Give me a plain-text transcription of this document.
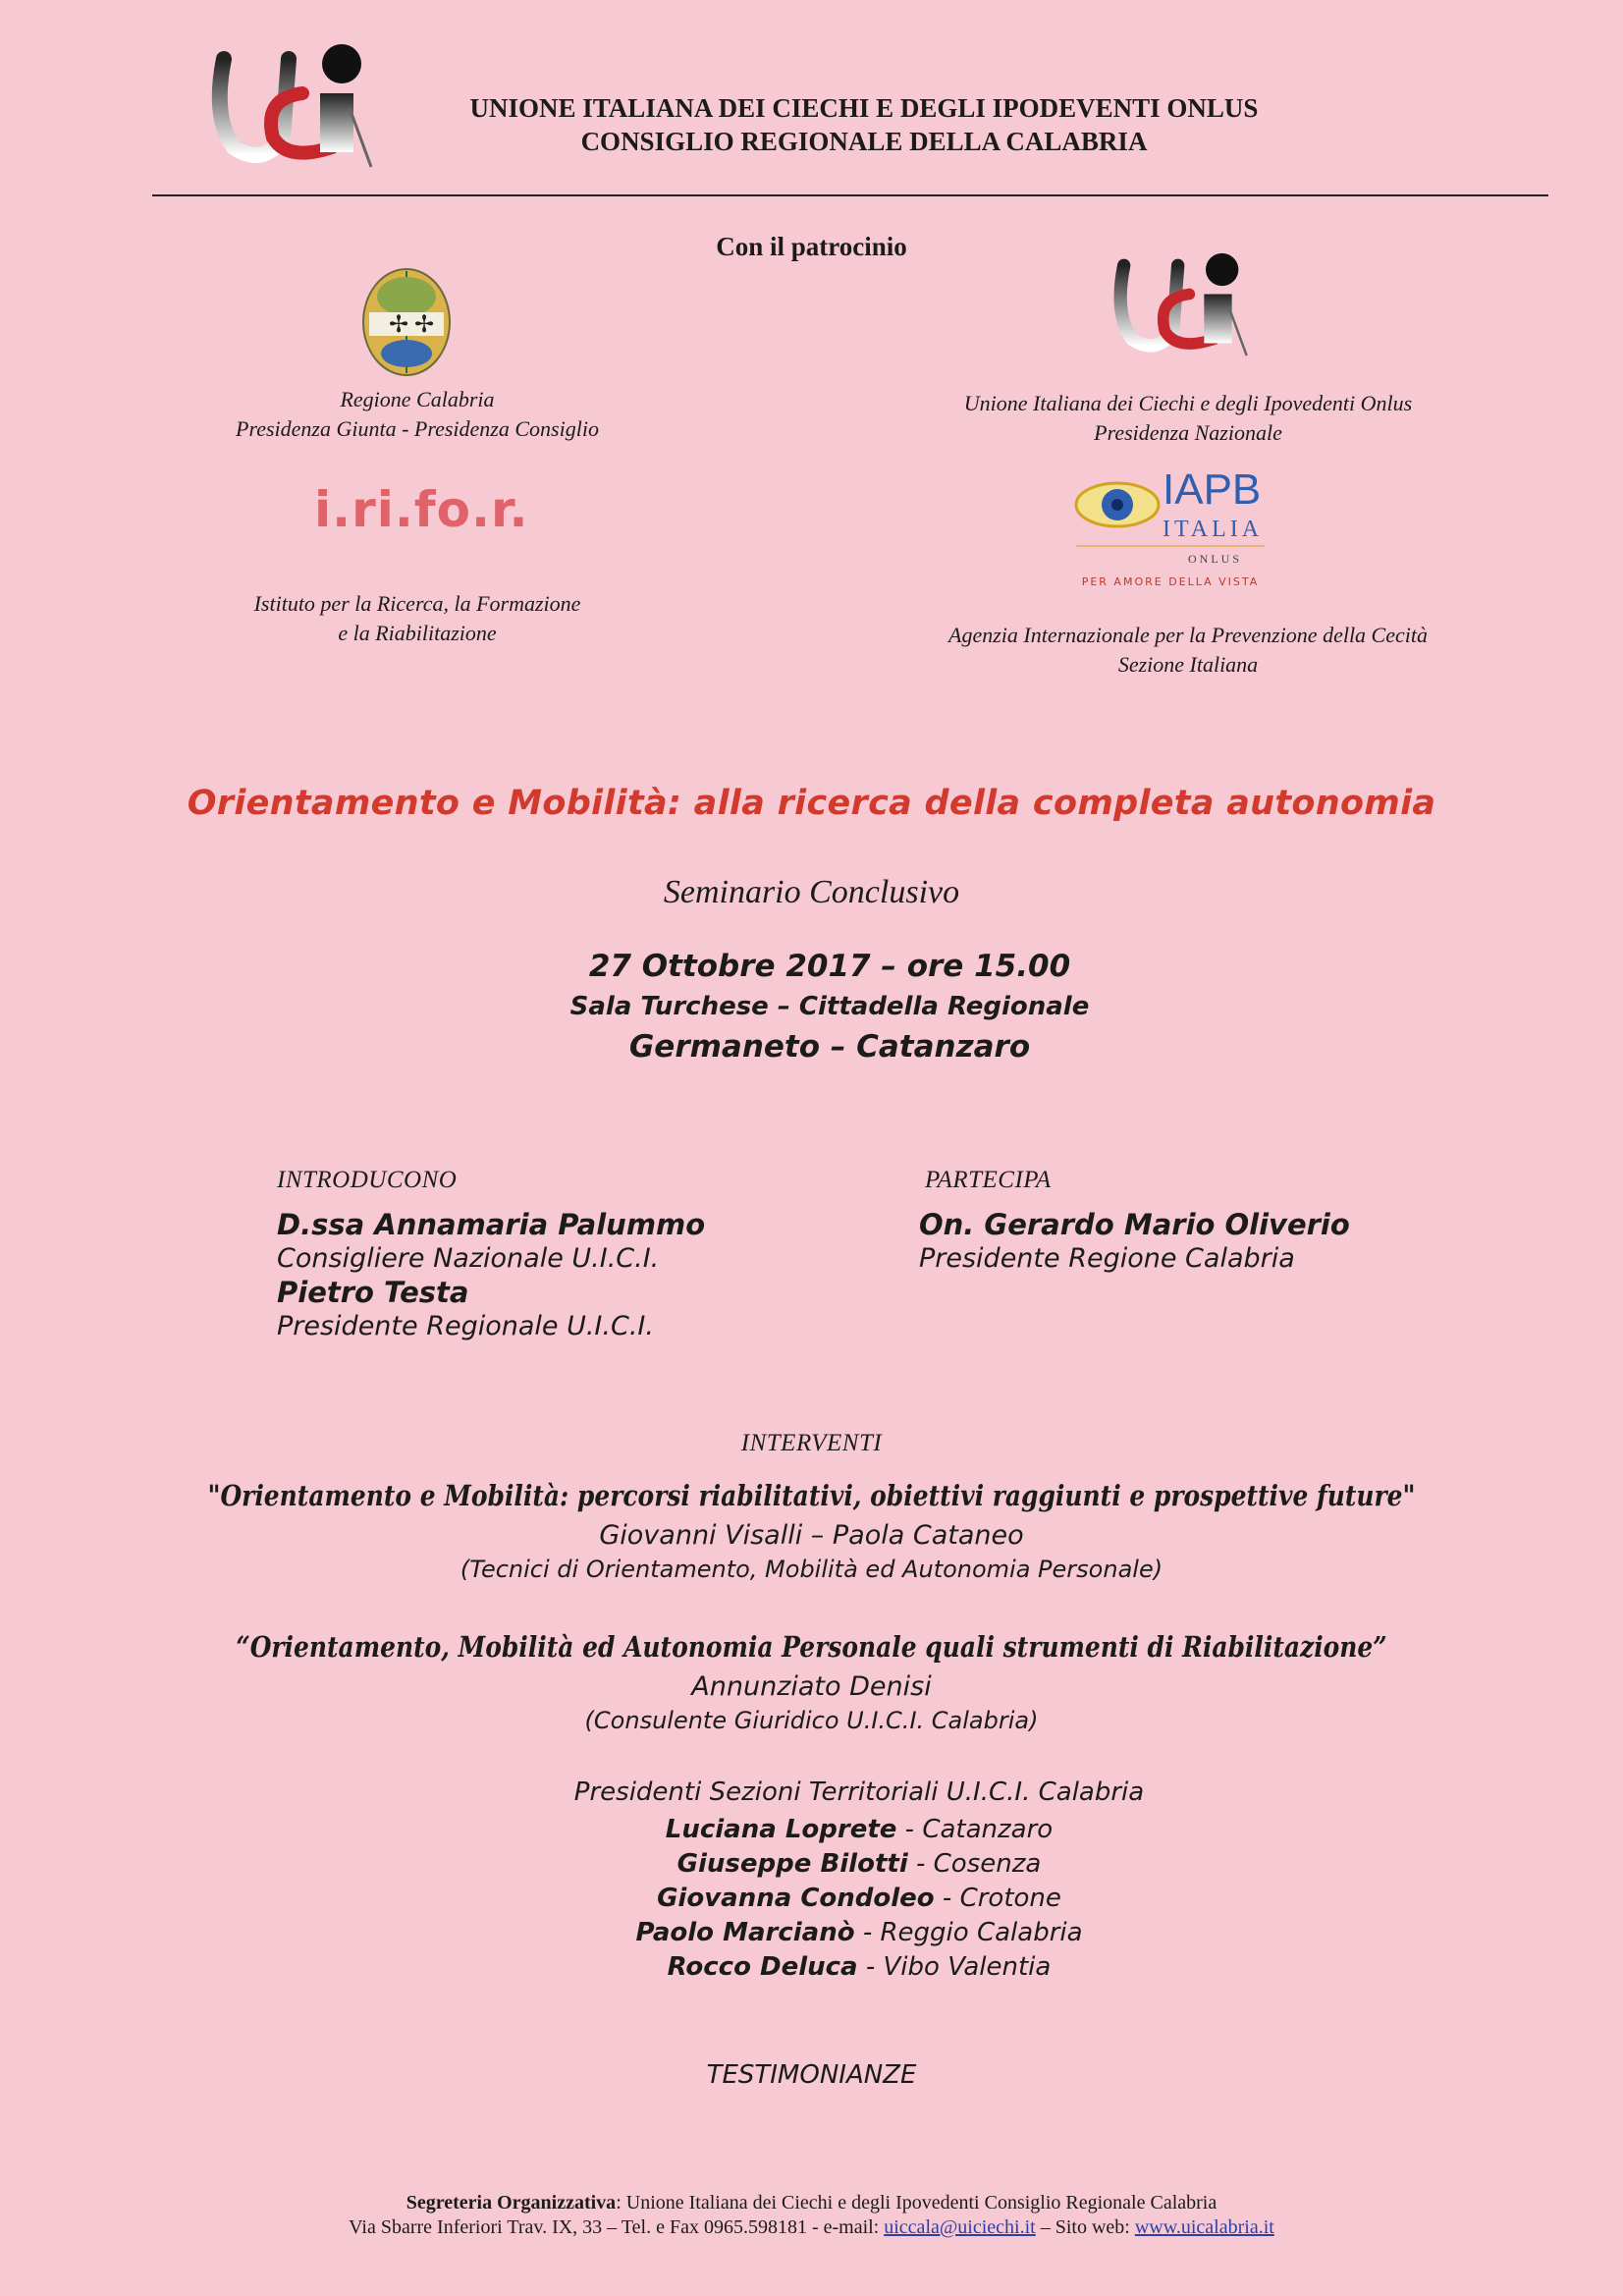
UNIONE ITALIANA DEI CIECHI E DEGLI IPODEVENTI ONLUS
CONSIGLIO REGIONALE DELLA CALABRIA
Con il patrocinio
✢ ✢
Regione Calabria
Presidenza Giunta - Presidenza Consiglio
Unione Italiana dei Ciechi e degli Ipovedenti Onlus
Presidenza Nazionale
i.ri.fo.r.
Istituto per la Ricerca, la Formazione
e la Riabilitazione
IAPB
ITALIA
ONLUS
PER AMORE DELLA VISTA
Agenzia Internazionale per la Prevenzione della Cecità
Sezione Italiana
Orientamento e Mobilità: alla ricerca della completa autonomia
Seminario Conclusivo
27 Ottobre 2017 – ore 15.00
Sala Turchese – Cittadella Regionale
Germaneto – Catanzaro
INTRODUCONO
D.ssa Annamaria Palummo
Consigliere Nazionale U.I.C.I.
Pietro Testa
Presidente Regionale U.I.C.I.
PARTECIPA
On. Gerardo Mario Oliverio
Presidente Regione Calabria
INTERVENTI
"Orientamento e Mobilità: percorsi riabilitativi, obiettivi raggiunti e prospettive future"
Giovanni Visalli – Paola Cataneo
(Tecnici di Orientamento, Mobilità ed Autonomia Personale)
“Orientamento, Mobilità ed Autonomia Personale quali strumenti di Riabilitazione”
Annunziato Denisi
(Consulente Giuridico U.I.C.I. Calabria)
Presidenti Sezioni Territoriali U.I.C.I. Calabria
Luciana Loprete - Catanzaro
Giuseppe Bilotti - Cosenza
Giovanna Condoleo - Crotone
Paolo Marcianò - Reggio Calabria
Rocco Deluca - Vibo Valentia
TESTIMONIANZE
Segreteria Organizzativa: Unione Italiana dei Ciechi e degli Ipovedenti Consiglio Regionale Calabria
Via Sbarre Inferiori Trav. IX, 33 – Tel. e Fax 0965.598181 - e-mail: uiccala@uiciechi.it – Sito web: www.uicalabria.it
